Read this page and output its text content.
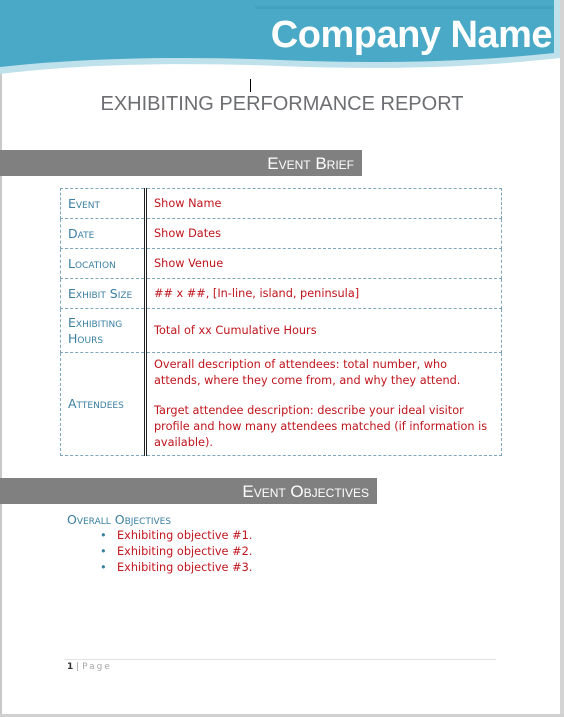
Company Name
EXHIBITING PERFORMANCE REPORT
Event Brief
Event	Show Name
Date	Show Dates
Location	Show Venue
Exhibit Size	## x ##, [In-line, island, peninsula]
Exhibiting Hours	Total of xx Cumulative Hours
Attendees	Overall description of attendees: total number, who attends, where they come from, and why they attend.
Target attendee description: describe your ideal visitor profile and how many attendees matched (if information is available).
Event Objectives
Overall Objectives
• Exhibiting objective #1.
• Exhibiting objective #2.
• Exhibiting objective #3.
1 | Page
